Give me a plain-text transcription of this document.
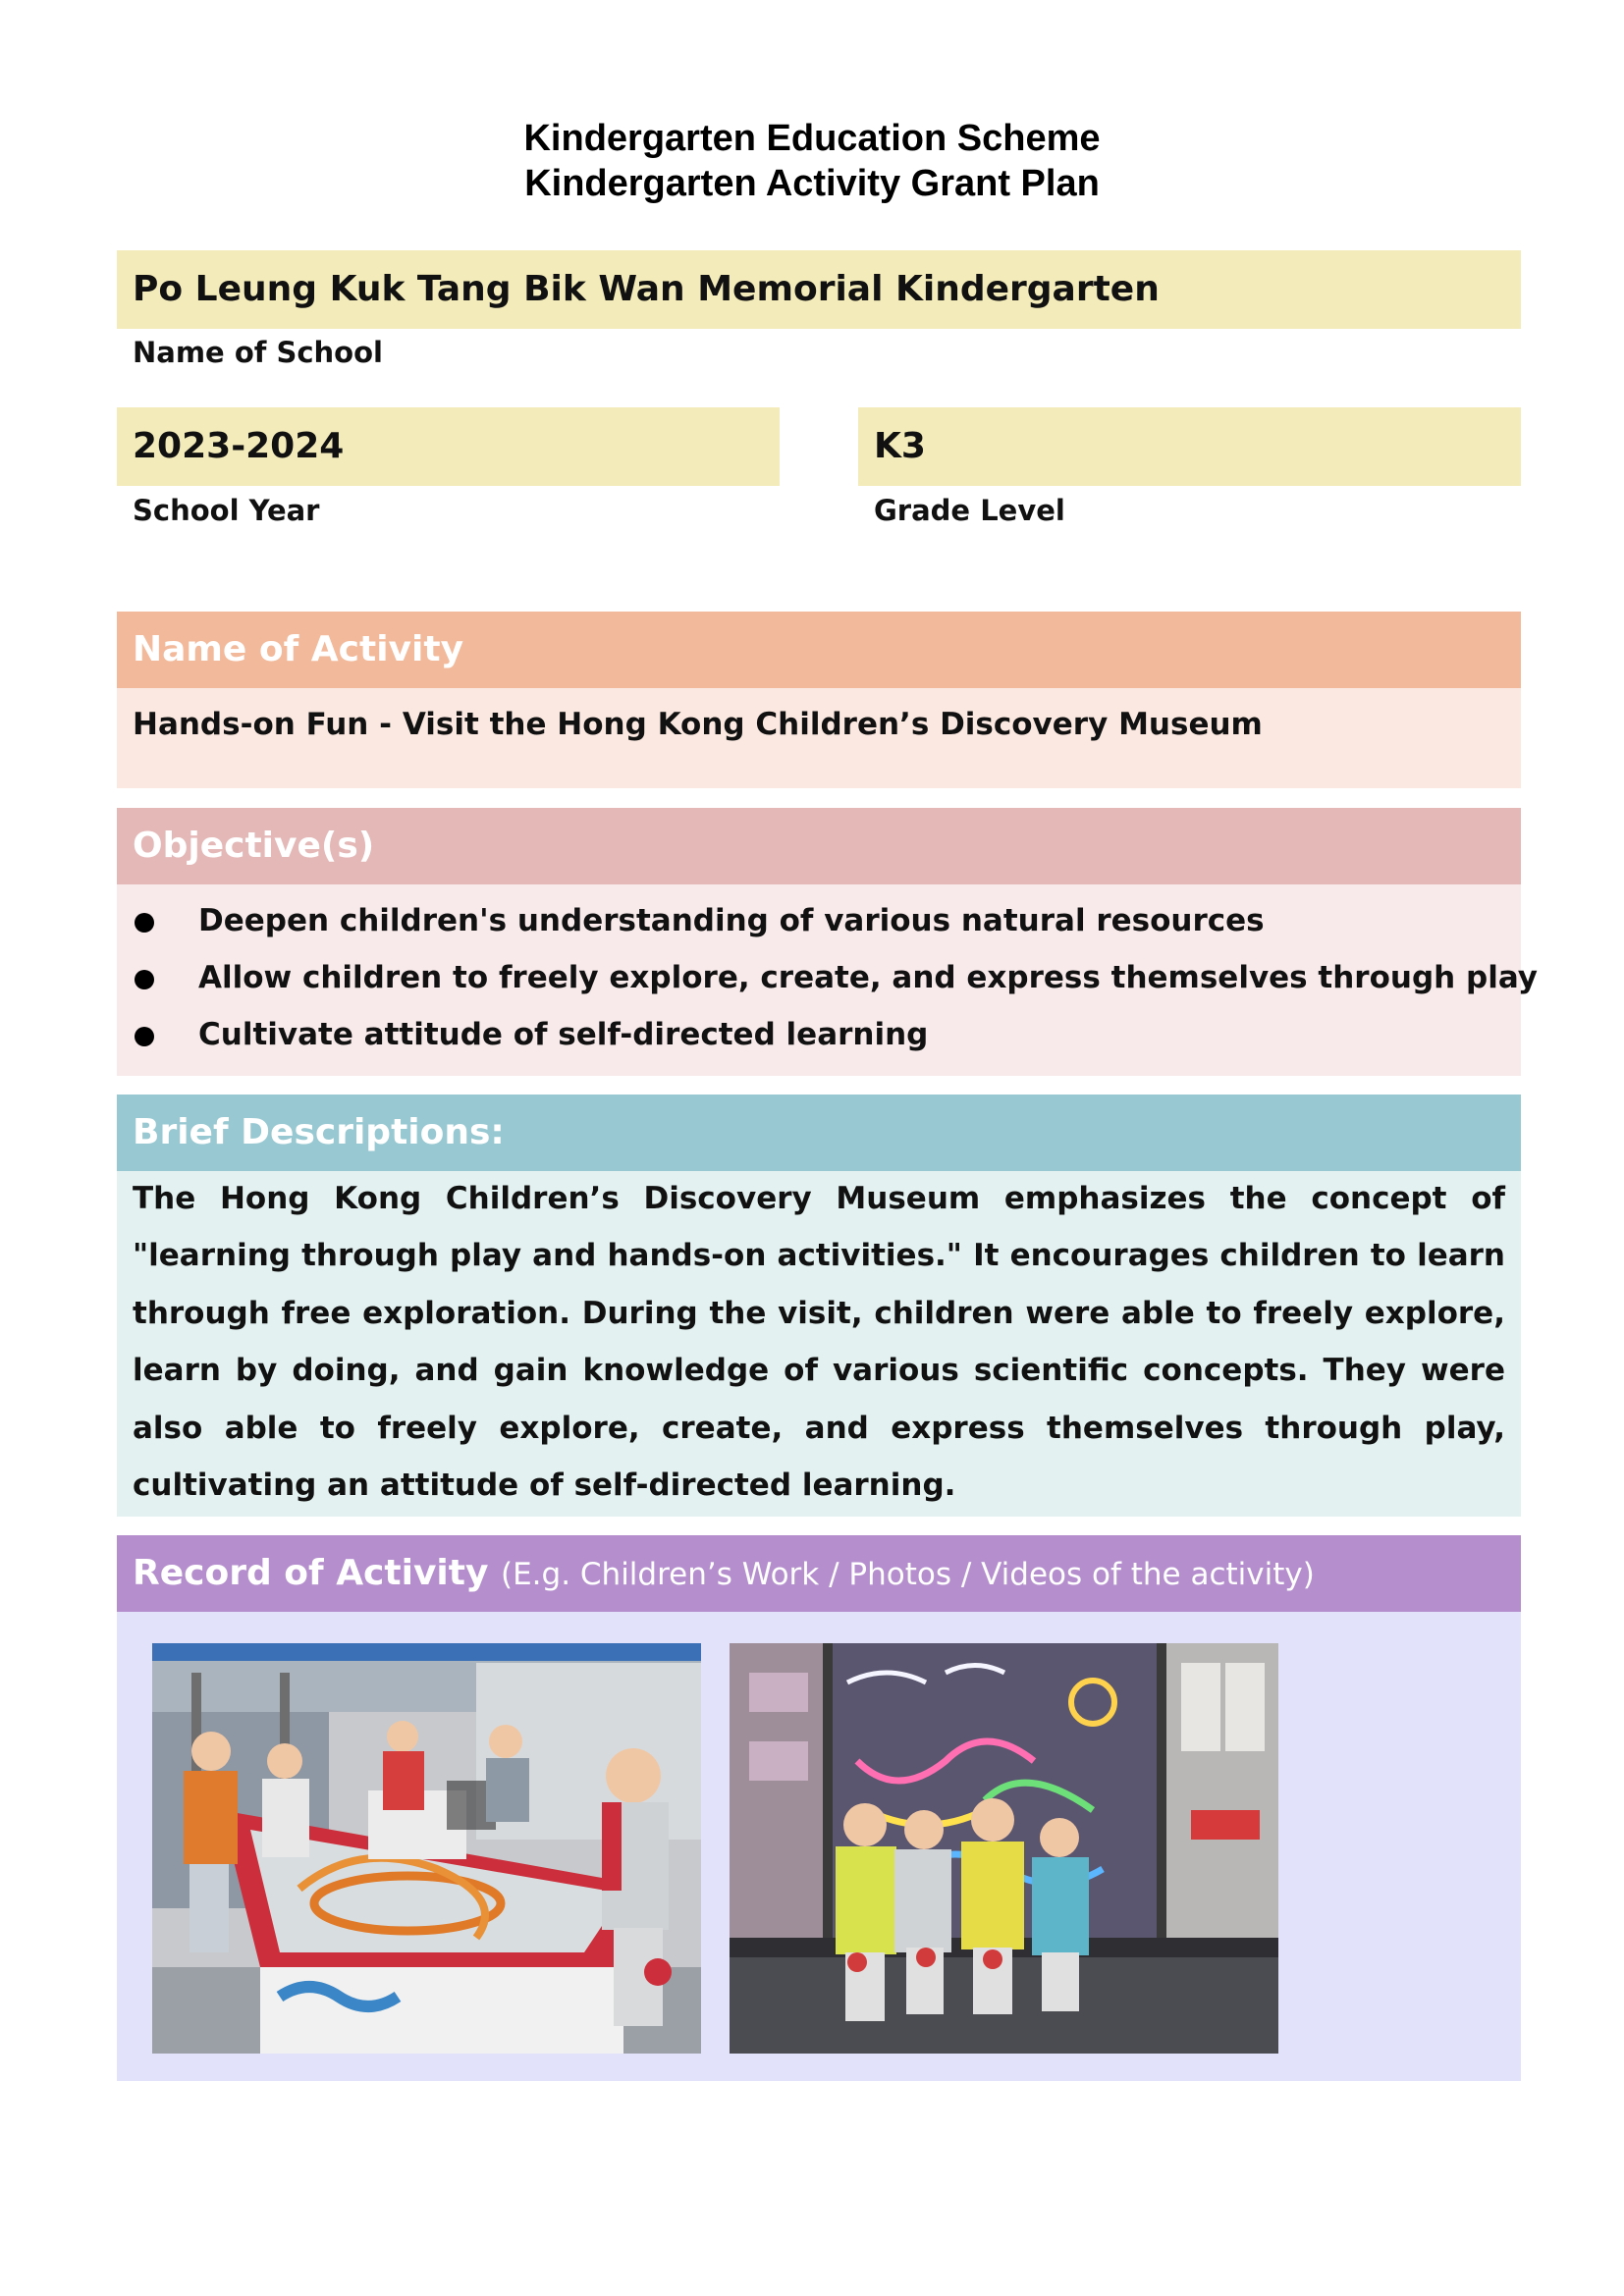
Kindergarten Education Scheme
Kindergarten Activity Grant Plan
Po Leung Kuk Tang Bik Wan Memorial Kindergarten
Name of School
2023-2024
School Year
K3
Grade Level
Name of Activity
Hands-on Fun - Visit the Hong Kong Children’s Discovery Museum
Objective(s)
Deepen children's understanding of various natural resources
Allow children to freely explore, create, and express themselves through play
Cultivate attitude of self-directed learning
Brief Descriptions:
The Hong Kong Children’s Discovery Museum emphasizes the concept of "learning through play and hands-on activities." It encourages children to learn through free exploration. During the visit, children were able to freely explore, learn by doing, and gain knowledge of various scientific concepts. They were also able to freely explore, create, and express themselves through play, cultivating an attitude of self-directed learning.
Record of Activity (E.g. Children’s Work / Photos / Videos of the activity)
